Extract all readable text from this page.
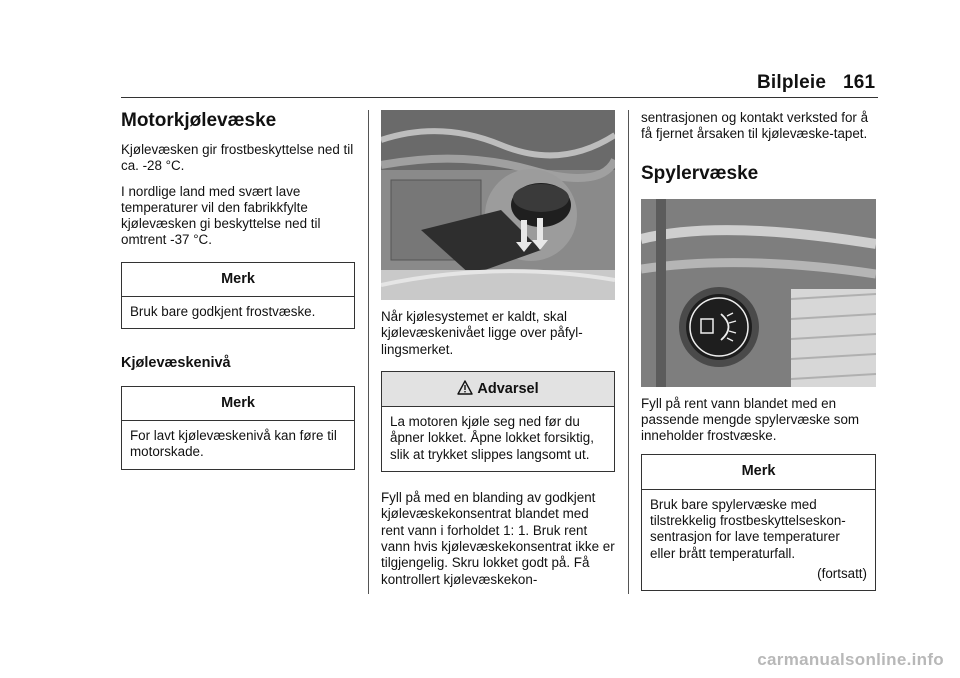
Bilpleie 161
Motorkjølevæske

Kjølevæsken gir frostbeskyttelse ned til ca. -28 °C.

I nordlige land med svært lave temperaturer vil den fabrikkfylte kjølevæsken gi beskyttelse ned til omtrent -37 °C.

Merk
Bruk bare godkjent frostvæske.
Kjølevæskenivå
Merk
For lavt kjølevæskenivå kan føre til motorskade.

Når kjølesystemet er kaldt, skal kjølevæskenivået ligge over påfyl-lingsmerket.

Advarsel
La motoren kjøle seg ned før du åpner lokket. Åpne lokket forsiktig, slik at trykket slippes langsomt ut.

Fyll på med en blanding av godkjent kjølevæskekonsentrat blandet med rent vann i forholdet 1: 1. Bruk rent vann hvis kjølevæskekonsentrat ikke er tilgjengelig. Skru lokket godt på. Få kontrollert kjølevæskekon-

sentrasjonen og kontakt verksted for å få fjernet årsaken til kjølevæske-tapet.

Spylervæske

Fyll på rent vann blandet med en passende mengde spylervæske som inneholder frostvæske.

Merk
Bruk bare spylervæske med tilstrekkelig frostbeskyttelseskon-sentrasjon for lave temperaturer eller brått temperaturfall.
(fortsatt)
carmanualsonline.info
